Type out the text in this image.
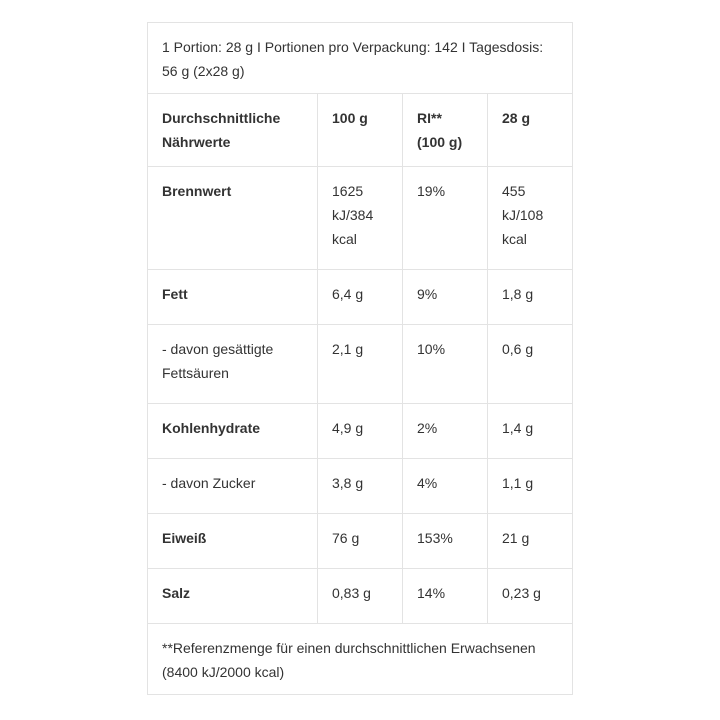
1 Portion: 28 g I Portionen pro Verpackung: 142 I Tagesdosis: 56 g (2x28 g)			
Durchschnittliche Nährwerte	100 g	RI** (100 g)	28 g
Brennwert	1625 kJ/384 kcal	19%	455 kJ/108 kcal
Fett	6,4 g	9%	1,8 g
- davon gesättigte Fettsäuren	2,1 g	10%	0,6 g
Kohlenhydrate	4,9 g	2%	1,4 g
- davon Zucker	3,8 g	4%	1,1 g
Eiweiß	76 g	153%	21 g
Salz	0,83 g	14%	0,23 g
**Referenzmenge für einen durchschnittlichen Erwachsenen (8400 kJ/2000 kcal)			
